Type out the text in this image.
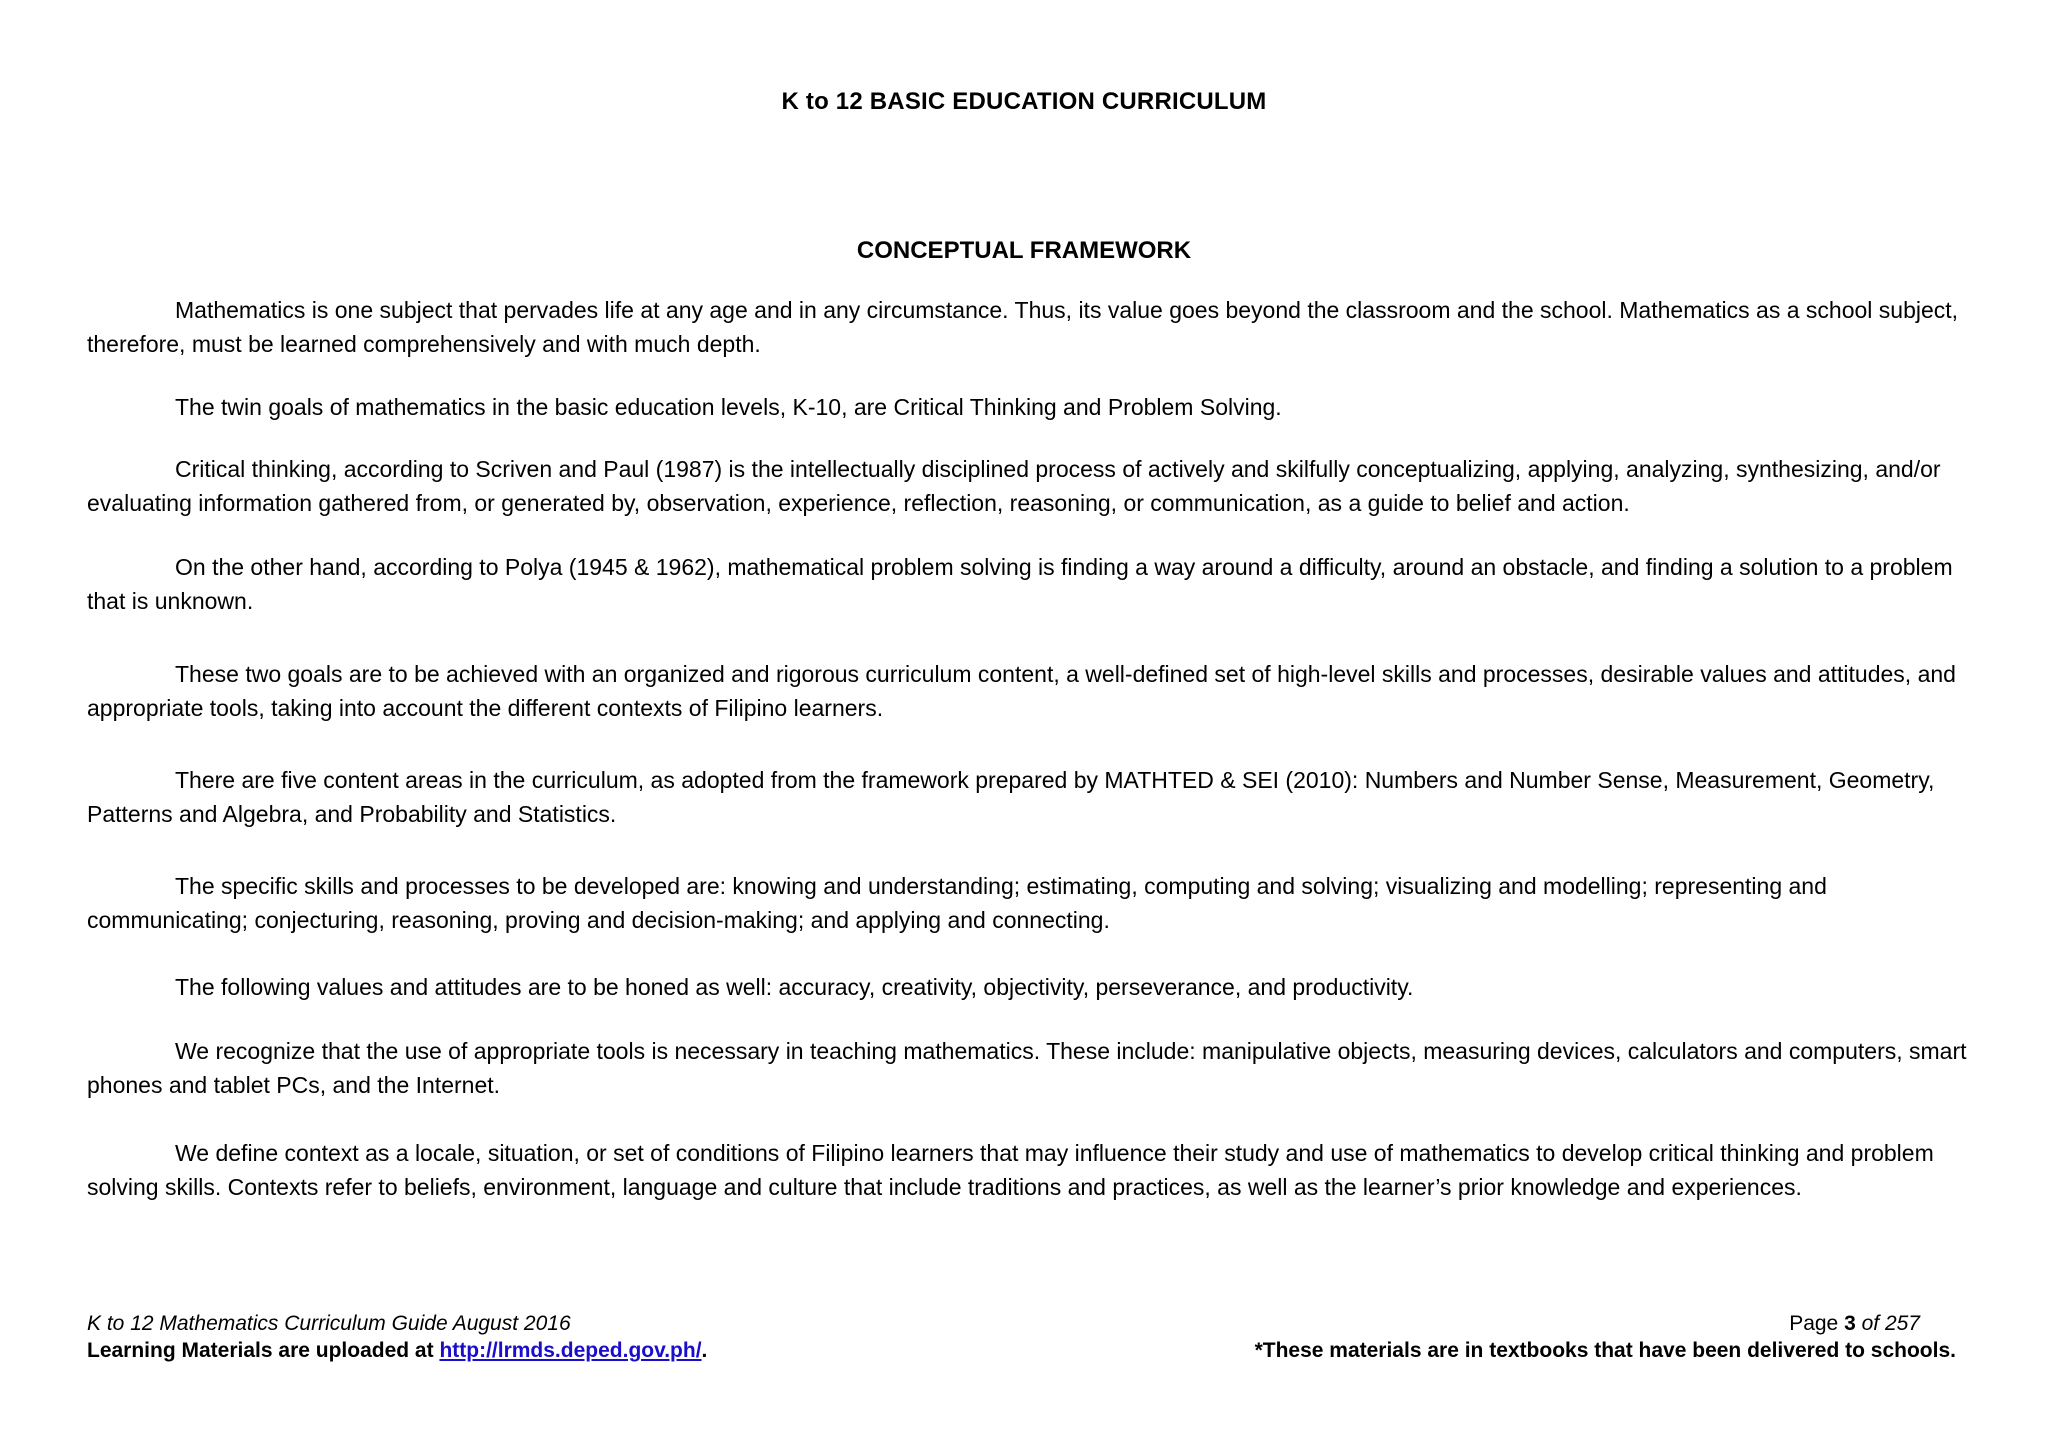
K to 12 BASIC EDUCATION CURRICULUM
CONCEPTUAL FRAMEWORK

Mathematics is one subject that pervades life at any age and in any circumstance. Thus, its value goes beyond the classroom and the school. Mathematics as a school subject, therefore, must be learned comprehensively and with much depth.

The twin goals of mathematics in the basic education levels, K-10, are Critical Thinking and Problem Solving.

Critical thinking, according to Scriven and Paul (1987) is the intellectually disciplined process of actively and skilfully conceptualizing, applying, analyzing, synthesizing, and/or evaluating information gathered from, or generated by, observation, experience, reflection, reasoning, or communication, as a guide to belief and action.

On the other hand, according to Polya (1945 & 1962), mathematical problem solving is finding a way around a difficulty, around an obstacle, and finding a solution to a problem that is unknown.

These two goals are to be achieved with an organized and rigorous curriculum content, a well-defined set of high-level skills and processes, desirable values and attitudes, and appropriate tools, taking into account the different contexts of Filipino learners.

There are five content areas in the curriculum, as adopted from the framework prepared by MATHTED & SEI (2010): Numbers and Number Sense, Measurement, Geometry, Patterns and Algebra, and Probability and Statistics.

The specific skills and processes to be developed are: knowing and understanding; estimating, computing and solving; visualizing and modelling; representing and communicating; conjecturing, reasoning, proving and decision-making; and applying and connecting.

The following values and attitudes are to be honed as well: accuracy, creativity, objectivity, perseverance, and productivity.

We recognize that the use of appropriate tools is necessary in teaching mathematics. These include: manipulative objects, measuring devices, calculators and computers, smart phones and tablet PCs, and the Internet.

We define context as a locale, situation, or set of conditions of Filipino learners that may influence their study and use of mathematics to develop critical thinking and problem solving skills. Contexts refer to beliefs, environment, language and culture that include traditions and practices, as well as the learner’s prior knowledge and experiences.

K to 12 Mathematics Curriculum Guide August 2016
Learning Materials are uploaded at http://lrmds.deped.gov.ph/.
Page 3 of 257
*These materials are in textbooks that have been delivered to schools.
